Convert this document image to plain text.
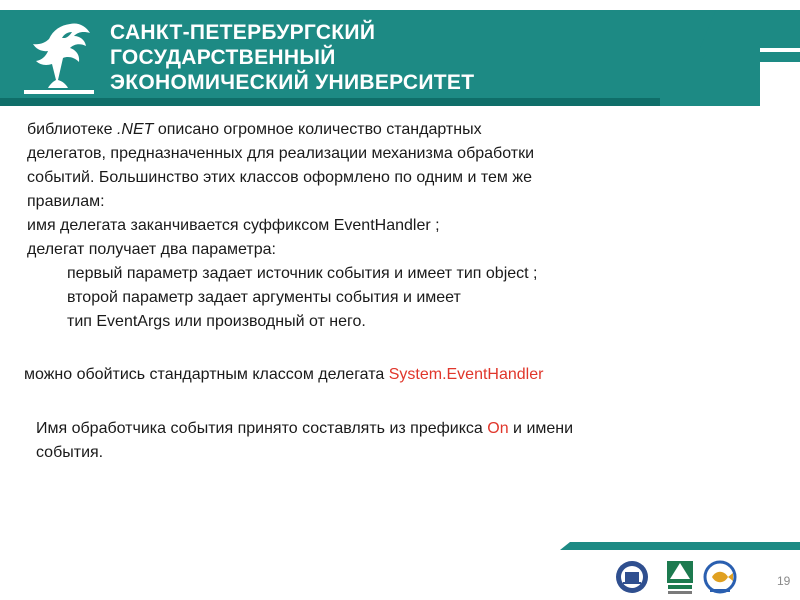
САНКТ-ПЕТЕРБУРГСКИЙ
ГОСУДАРСТВЕННЫЙ
ЭКОНОМИЧЕСКИЙ УНИВЕРСИТЕТ

библиотеке .NET описано огромное количество стандартных

делегатов, предназначенных для реализации механизма обработки

событий. Большинство этих классов оформлено по одним и тем же

правилам:

имя делегата заканчивается суффиксом EventHandler ;

делегат получает два параметра:

первый параметр задает источник события и имеет тип object ;

второй параметр задает аргументы события и имеет

тип EventArgs или производный от него.

можно обойтись стандартным классом делегата System.EventHandler

Имя обработчика события принято составлять из префикса On и имени

события.

19
